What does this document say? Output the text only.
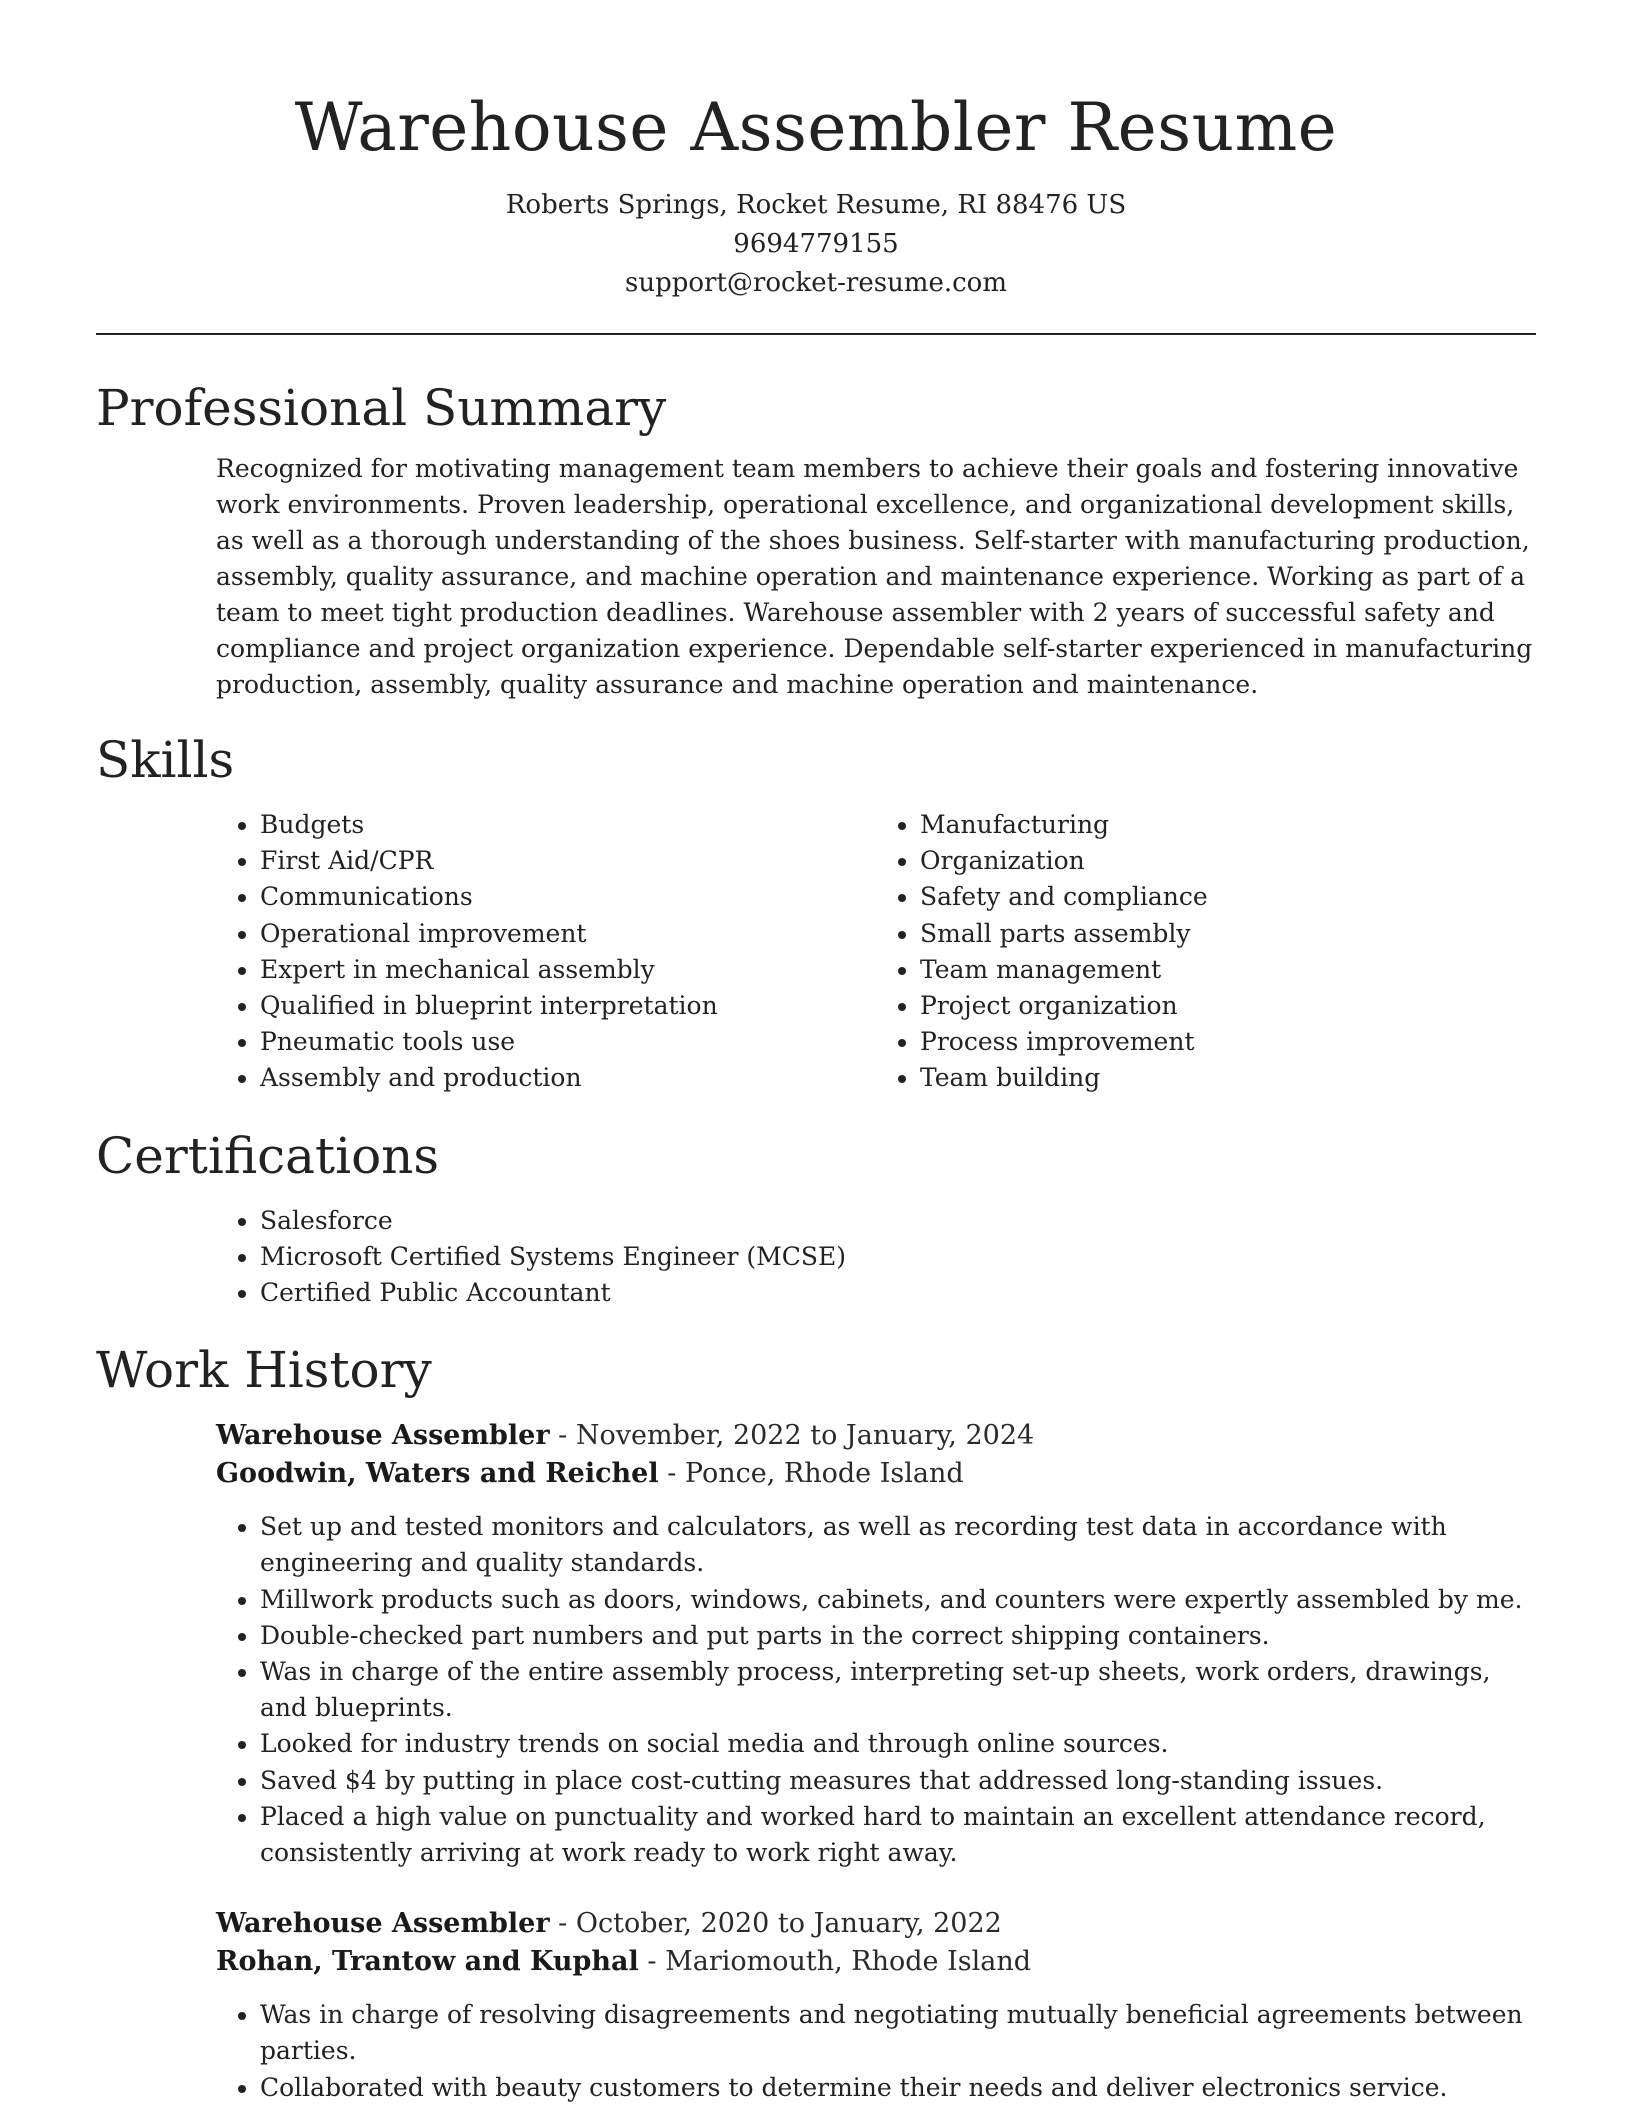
Warehouse Assembler Resume
Roberts Springs, Rocket Resume, RI 88476 US
9694779155
support@rocket-resume.com
Professional Summary

Recognized for motivating management team members to achieve their goals and fostering innovative work environments. Proven leadership, operational excellence, and organizational development skills, as well as a thorough understanding of the shoes business. Self-starter with manufacturing production, assembly, quality assurance, and machine operation and maintenance experience. Working as part of a team to meet tight production deadlines. Warehouse assembler with 2 years of successful safety and compliance and project organization experience. Dependable self-starter experienced in manufacturing production, assembly, quality assurance and machine operation and maintenance.

Skills
• Budgets
• First Aid/CPR
• Communications
• Operational improvement
• Expert in mechanical assembly
• Qualified in blueprint interpretation
• Pneumatic tools use
• Assembly and production
• Manufacturing
• Organization
• Safety and compliance
• Small parts assembly
• Team management
• Project organization
• Process improvement
• Team building
Certifications
• Salesforce
• Microsoft Certified Systems Engineer (MCSE)
• Certified Public Accountant
Work History
Warehouse Assembler - November, 2022 to January, 2024
Goodwin, Waters and Reichel - Ponce, Rhode Island
• Set up and tested monitors and calculators, as well as recording test data in accordance with engineering and quality standards.
• Millwork products such as doors, windows, cabinets, and counters were expertly assembled by me.
• Double-checked part numbers and put parts in the correct shipping containers.
• Was in charge of the entire assembly process, interpreting set-up sheets, work orders, drawings, and blueprints.
• Looked for industry trends on social media and through online sources.
• Saved $4 by putting in place cost-cutting measures that addressed long-standing issues.
• Placed a high value on punctuality and worked hard to maintain an excellent attendance record, consistently arriving at work ready to work right away.
Warehouse Assembler - October, 2020 to January, 2022
Rohan, Trantow and Kuphal - Mariomouth, Rhode Island
• Was in charge of resolving disagreements and negotiating mutually beneficial agreements between parties.
• Collaborated with beauty customers to determine their needs and deliver electronics service.
